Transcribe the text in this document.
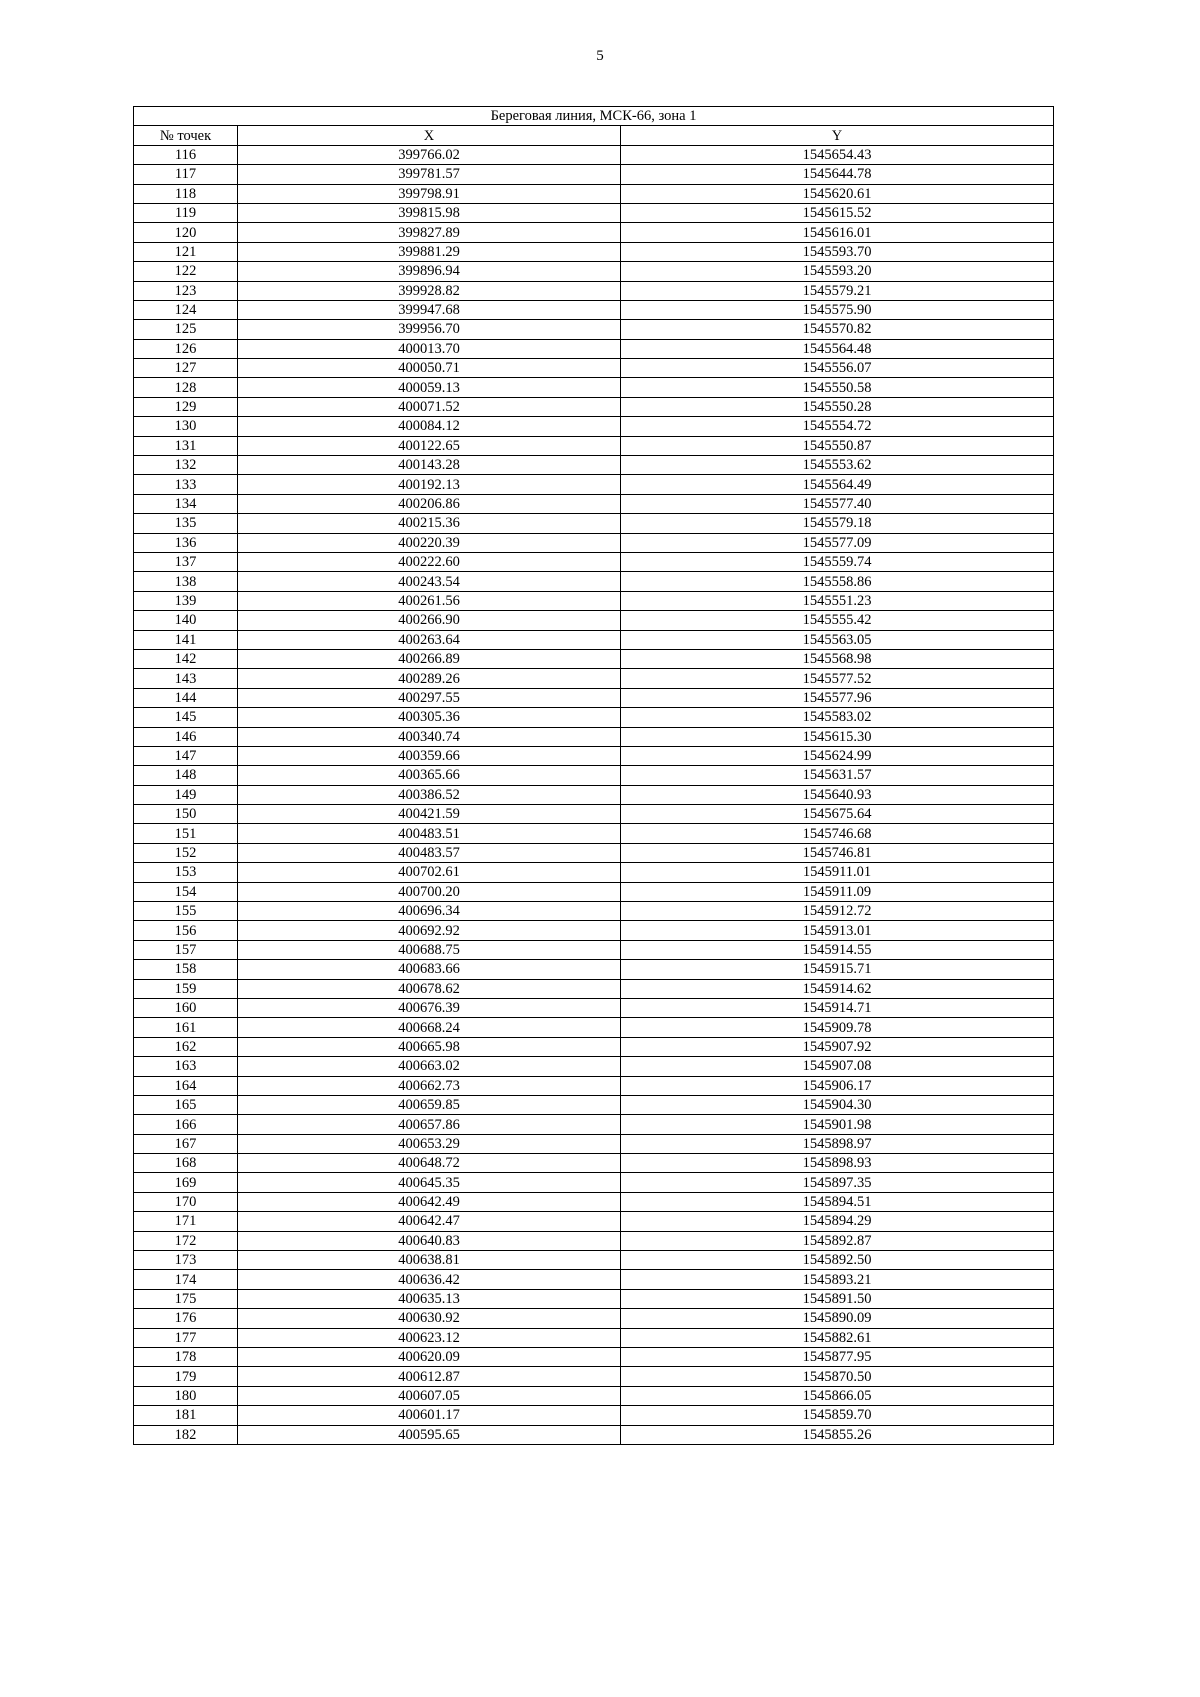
5
Береговая линия, МСК-66, зона 1		
№ точек	X	Y
116	399766.02	1545654.43
117	399781.57	1545644.78
118	399798.91	1545620.61
119	399815.98	1545615.52
120	399827.89	1545616.01
121	399881.29	1545593.70
122	399896.94	1545593.20
123	399928.82	1545579.21
124	399947.68	1545575.90
125	399956.70	1545570.82
126	400013.70	1545564.48
127	400050.71	1545556.07
128	400059.13	1545550.58
129	400071.52	1545550.28
130	400084.12	1545554.72
131	400122.65	1545550.87
132	400143.28	1545553.62
133	400192.13	1545564.49
134	400206.86	1545577.40
135	400215.36	1545579.18
136	400220.39	1545577.09
137	400222.60	1545559.74
138	400243.54	1545558.86
139	400261.56	1545551.23
140	400266.90	1545555.42
141	400263.64	1545563.05
142	400266.89	1545568.98
143	400289.26	1545577.52
144	400297.55	1545577.96
145	400305.36	1545583.02
146	400340.74	1545615.30
147	400359.66	1545624.99
148	400365.66	1545631.57
149	400386.52	1545640.93
150	400421.59	1545675.64
151	400483.51	1545746.68
152	400483.57	1545746.81
153	400702.61	1545911.01
154	400700.20	1545911.09
155	400696.34	1545912.72
156	400692.92	1545913.01
157	400688.75	1545914.55
158	400683.66	1545915.71
159	400678.62	1545914.62
160	400676.39	1545914.71
161	400668.24	1545909.78
162	400665.98	1545907.92
163	400663.02	1545907.08
164	400662.73	1545906.17
165	400659.85	1545904.30
166	400657.86	1545901.98
167	400653.29	1545898.97
168	400648.72	1545898.93
169	400645.35	1545897.35
170	400642.49	1545894.51
171	400642.47	1545894.29
172	400640.83	1545892.87
173	400638.81	1545892.50
174	400636.42	1545893.21
175	400635.13	1545891.50
176	400630.92	1545890.09
177	400623.12	1545882.61
178	400620.09	1545877.95
179	400612.87	1545870.50
180	400607.05	1545866.05
181	400601.17	1545859.70
182	400595.65	1545855.26
